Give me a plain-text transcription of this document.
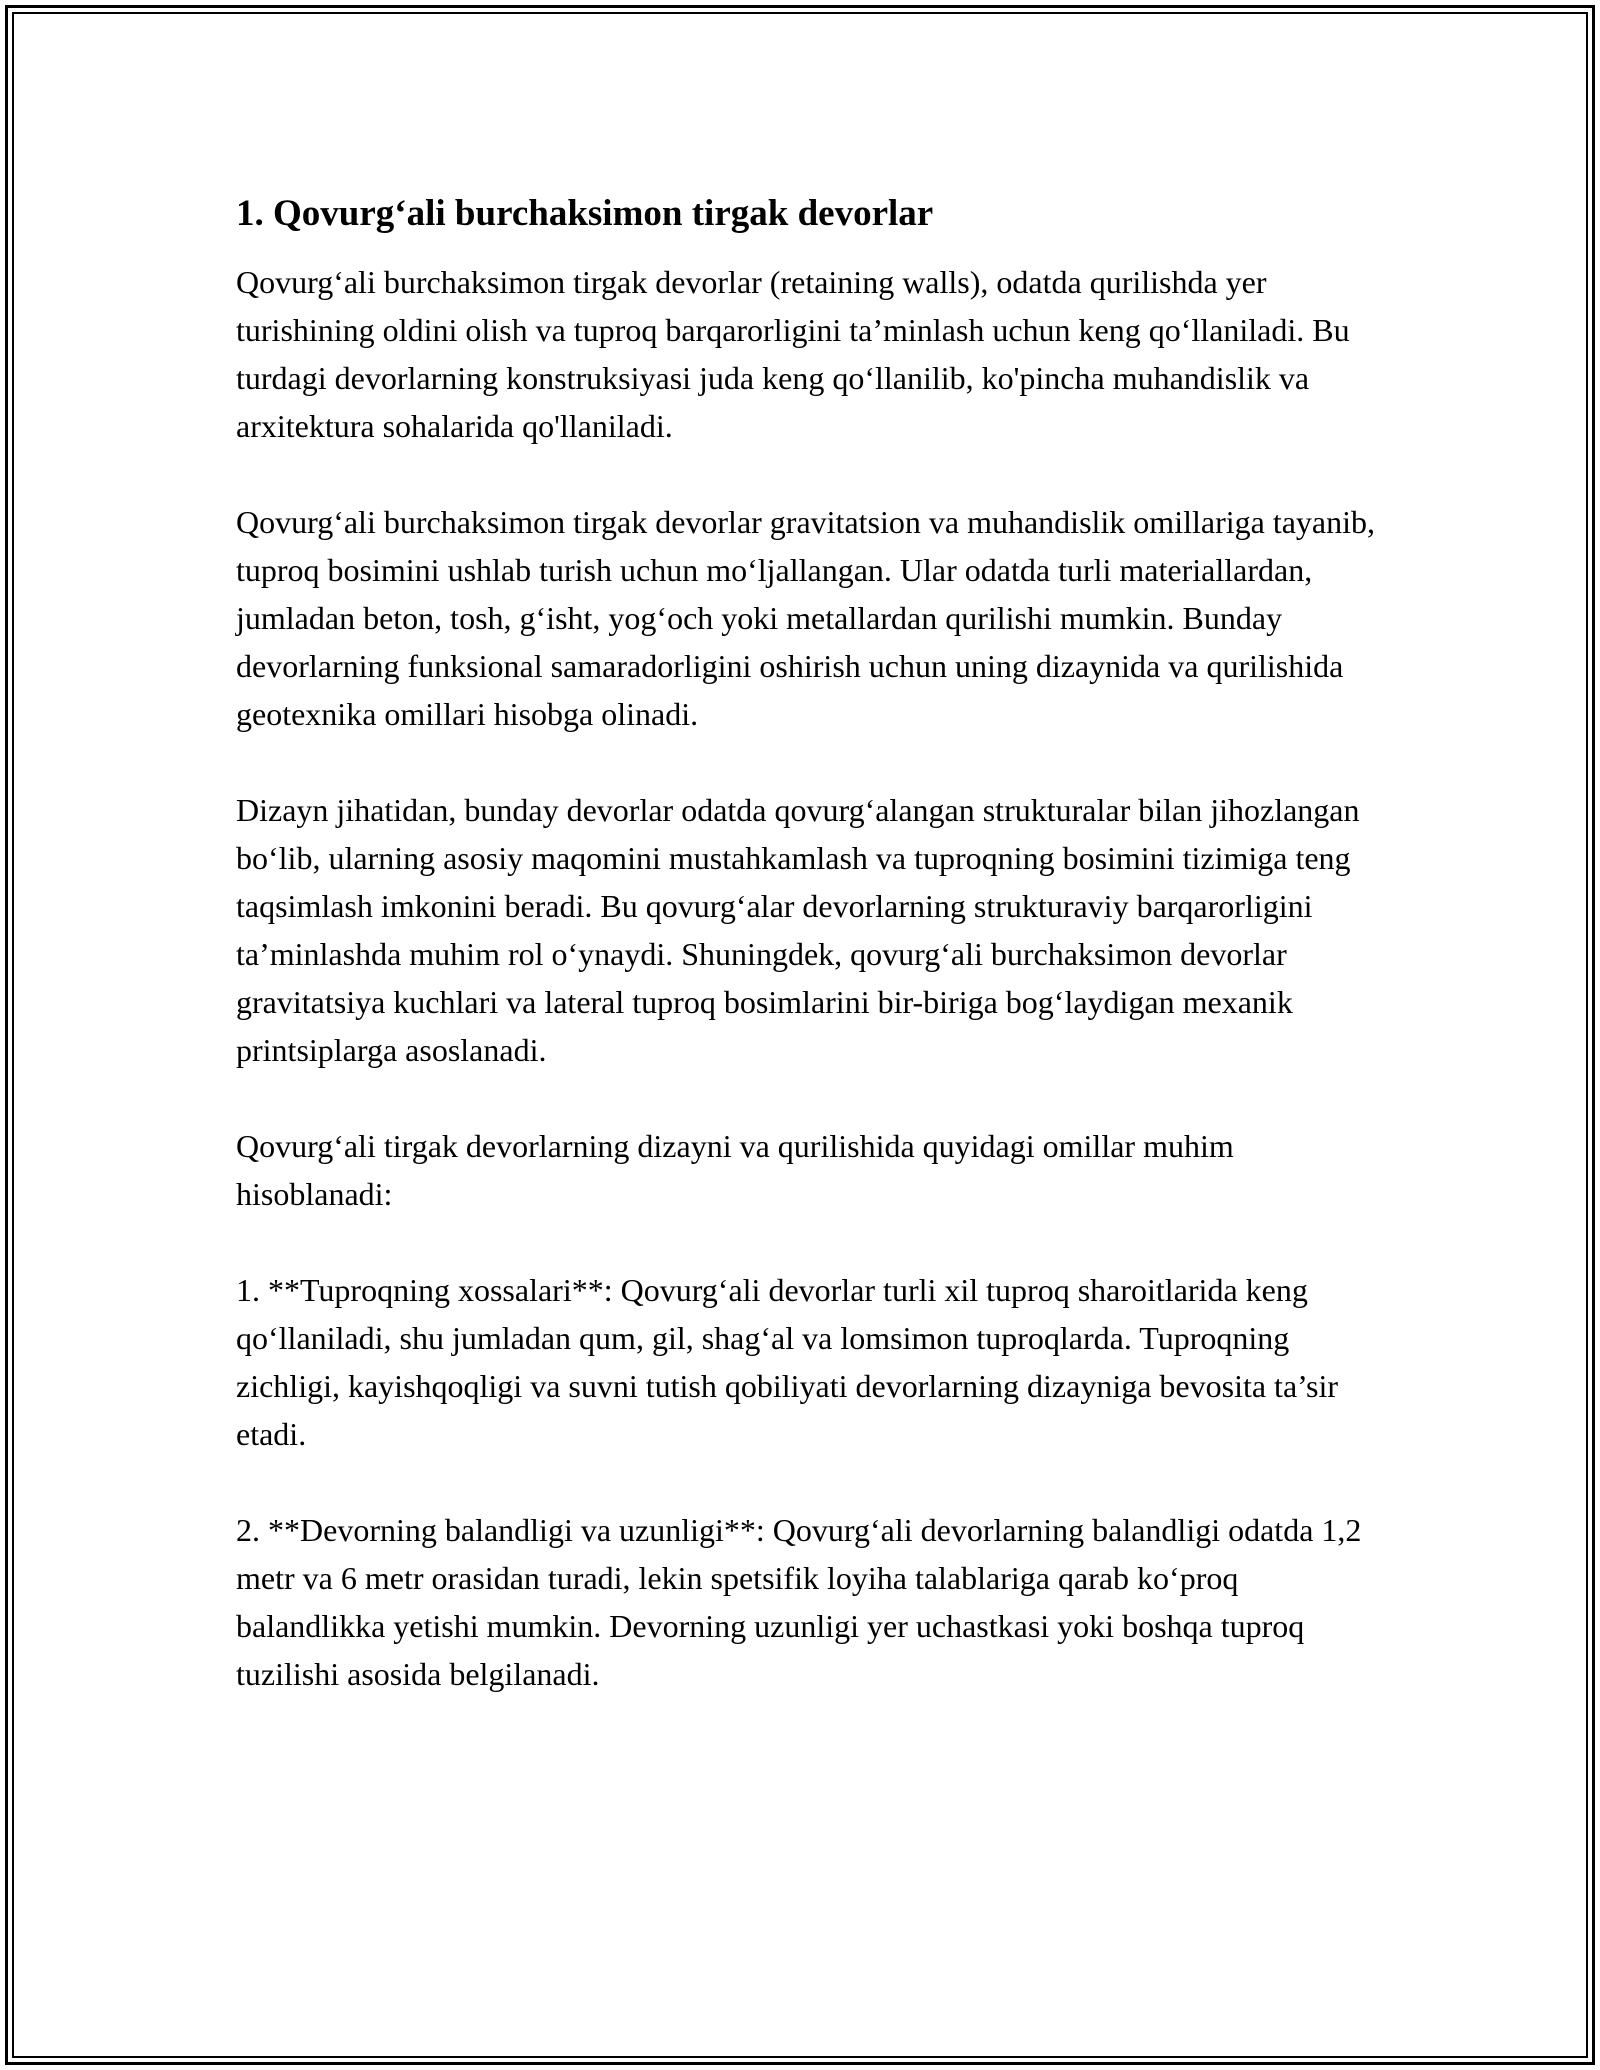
1. Qovurg‘ali burchaksimon tirgak devorlar

Qovurg‘ali burchaksimon tirgak devorlar (retaining walls), odatda qurilishda yer turishining oldini olish va tuproq barqarorligini ta’minlash uchun keng qo‘llaniladi. Bu turdagi devorlarning konstruksiyasi juda keng qo‘llanilib, ko'pincha muhandislik va arxitektura sohalarida qo'llaniladi.

Qovurg‘ali burchaksimon tirgak devorlar gravitatsion va muhandislik omillariga tayanib, tuproq bosimini ushlab turish uchun mo‘ljallangan. Ular odatda turli materiallardan, jumladan beton, tosh, g‘isht, yog‘och yoki metallardan qurilishi mumkin. Bunday devorlarning funksional samaradorligini oshirish uchun uning dizaynida va qurilishida geotexnika omillari hisobga olinadi.

Dizayn jihatidan, bunday devorlar odatda qovurg‘alangan strukturalar bilan jihozlangan bo‘lib, ularning asosiy maqomini mustahkamlash va tuproqning bosimini tizimiga teng taqsimlash imkonini beradi. Bu qovurg‘alar devorlarning strukturaviy barqarorligini ta’minlashda muhim rol o‘ynaydi. Shuningdek, qovurg‘ali burchaksimon devorlar gravitatsiya kuchlari va lateral tuproq bosimlarini bir-biriga bog‘laydigan mexanik printsiplarga asoslanadi.

Qovurg‘ali tirgak devorlarning dizayni va qurilishida quyidagi omillar muhim hisoblanadi:

1. **Tuproqning xossalari**: Qovurg‘ali devorlar turli xil tuproq sharoitlarida keng qo‘llaniladi, shu jumladan qum, gil, shag‘al va lomsimon tuproqlarda. Tuproqning zichligi, kayishqoqligi va suvni tutish qobiliyati devorlarning dizayniga bevosita ta’sir etadi.

2. **Devorning balandligi va uzunligi**: Qovurg‘ali devorlarning balandligi odatda 1,2 metr va 6 metr orasidan turadi, lekin spetsifik loyiha talablariga qarab ko‘proq balandlikka yetishi mumkin. Devorning uzunligi yer uchastkasi yoki boshqa tuproq tuzilishi asosida belgilanadi.
